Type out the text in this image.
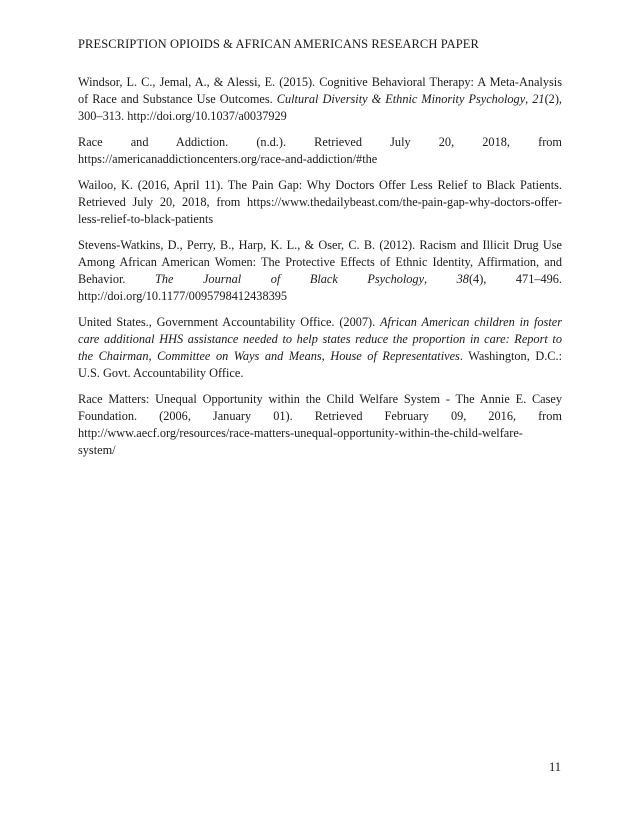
PRESCRIPTION OPIOIDS & AFRICAN AMERICANS RESEARCH PAPER

Windsor, L. C., Jemal, A., & Alessi, E. (2015). Cognitive Behavioral Therapy: A Meta-Analysis
of Race and Substance Use Outcomes. Cultural Diversity & Ethnic Minority Psychology, 21(2),
300–313. http://doi.org/10.1037/a0037929

Race and Addiction. (n.d.). Retrieved July 20, 2018, from
https://americanaddictioncenters.org/race-and-addiction/#the

Wailoo, K. (2016, April 11). The Pain Gap: Why Doctors Offer Less Relief to Black Patients.
Retrieved July 20, 2018, from https://www.thedailybeast.com/the-pain-gap-why-doctors-offer-
less-relief-to-black-patients

Stevens-Watkins, D., Perry, B., Harp, K. L., & Oser, C. B. (2012). Racism and Illicit Drug Use
Among African American Women: The Protective Effects of Ethnic Identity, Affirmation, and
Behavior. The Journal of Black Psychology, 38(4), 471–496.
http://doi.org/10.1177/0095798412438395

United States., Government Accountability Office. (2007). African American children in foster
care additional HHS assistance needed to help states reduce the proportion in care: Report to
the Chairman, Committee on Ways and Means, House of Representatives. Washington, D.C.:
U.S. Govt. Accountability Office.

Race Matters: Unequal Opportunity within the Child Welfare System - The Annie E. Casey
Foundation. (2006, January 01). Retrieved February 09, 2016, from
http://www.aecf.org/resources/race-matters-unequal-opportunity-within-the-child-welfare-
system/

11
